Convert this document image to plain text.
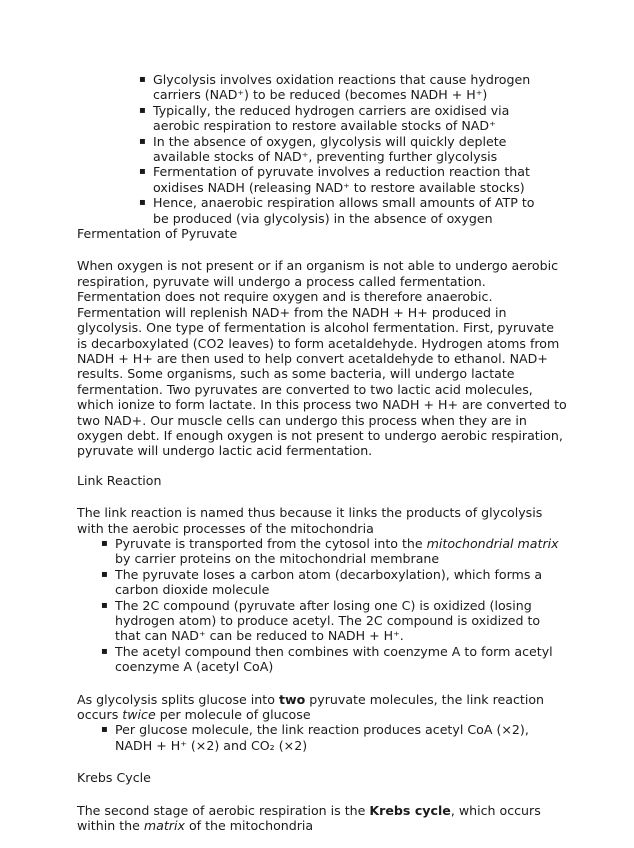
▪ Glycolysis involves oxidation reactions that cause hydrogen carriers (NAD⁺) to be reduced (becomes NADH + H⁺)
▪ Typically, the reduced hydrogen carriers are oxidised via aerobic respiration to restore available stocks of NAD⁺
▪ In the absence of oxygen, glycolysis will quickly deplete available stocks of NAD⁺, preventing further glycolysis
▪ Fermentation of pyruvate involves a reduction reaction that oxidises NADH (releasing NAD⁺ to restore available stocks)
▪ Hence, anaerobic respiration allows small amounts of ATP to be produced (via glycolysis) in the absence of oxygen

Fermentation of Pyruvate

When oxygen is not present or if an organism is not able to undergo aerobic respiration, pyruvate will undergo a process called fermentation. Fermentation does not require oxygen and is therefore anaerobic. Fermentation will replenish NAD+ from the NADH + H+ produced in glycolysis. One type of fermentation is alcohol fermentation. First, pyruvate is decarboxylated (CO2 leaves) to form acetaldehyde. Hydrogen atoms from NADH + H+ are then used to help convert acetaldehyde to ethanol. NAD+ results. Some organisms, such as some bacteria, will undergo lactate fermentation. Two pyruvates are converted to two lactic acid molecules, which ionize to form lactate. In this process two NADH + H+ are converted to two NAD+. Our muscle cells can undergo this process when they are in oxygen debt. If enough oxygen is not present to undergo aerobic respiration, pyruvate will undergo lactic acid fermentation.

Link Reaction

The link reaction is named thus because it links the products of glycolysis with the aerobic processes of the mitochondria

▪ Pyruvate is transported from the cytosol into the mitochondrial matrix by carrier proteins on the mitochondrial membrane
▪ The pyruvate loses a carbon atom (decarboxylation), which forms a carbon dioxide molecule
▪ The 2C compound (pyruvate after losing one C) is oxidized (losing hydrogen atom) to produce acetyl. The 2C compound is oxidized to that can NAD⁺ can be reduced to NADH + H⁺.
▪ The acetyl compound then combines with coenzyme A to form acetyl coenzyme A (acetyl CoA)

As glycolysis splits glucose into two pyruvate molecules, the link reaction occurs twice per molecule of glucose

▪ Per glucose molecule, the link reaction produces acetyl CoA (×2), NADH + H⁺ (×2) and CO₂ (×2)

Krebs Cycle

The second stage of aerobic respiration is the Krebs cycle, which occurs within the matrix of the mitochondria
